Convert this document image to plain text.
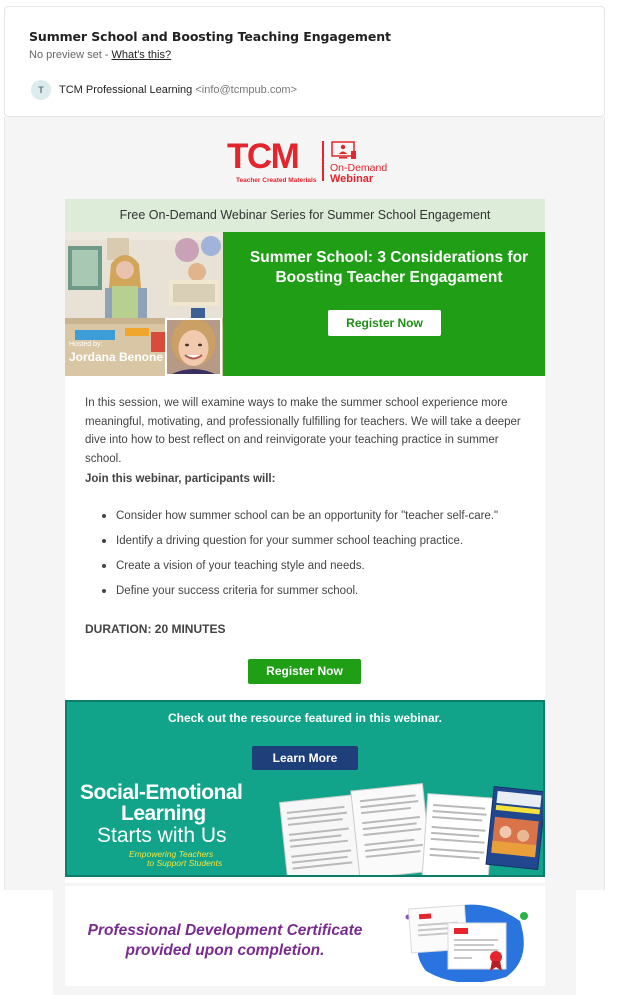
Summer School and Boosting Teaching Engagement
No preview set - What's this?
T	TCM Professional Learning <info@tcmpub.com>
TCM
Teacher Created Materials
On-Demand
Webinar
Free On-Demand Webinar Series for Summer School Engagement
Hosted by:
Jordana Benone
Summer School: 3 Considerations for Boosting Teacher Engagament
Register Now

In this session, we will examine ways to make the summer school experience more meaningful, motivating, and professionally fulfilling for teachers. We will take a deeper dive into how to best reflect on and reinvigorate your teaching practice in summer school.

Join this webinar, participants will:
Consider how summer school can be an opportunity for "teacher self-care."
Identify a driving question for your summer school teaching practice.
Create a vision of your teaching style and needs.
Define your success criteria for summer school.
DURATION: 20 MINUTES
Register Now
Check out the resource featured in this webinar.
Learn More
Social-Emotional
Learning
Starts with Us
Empowering Teachers
to Support Students
Professional Development Certificate provided upon completion.
